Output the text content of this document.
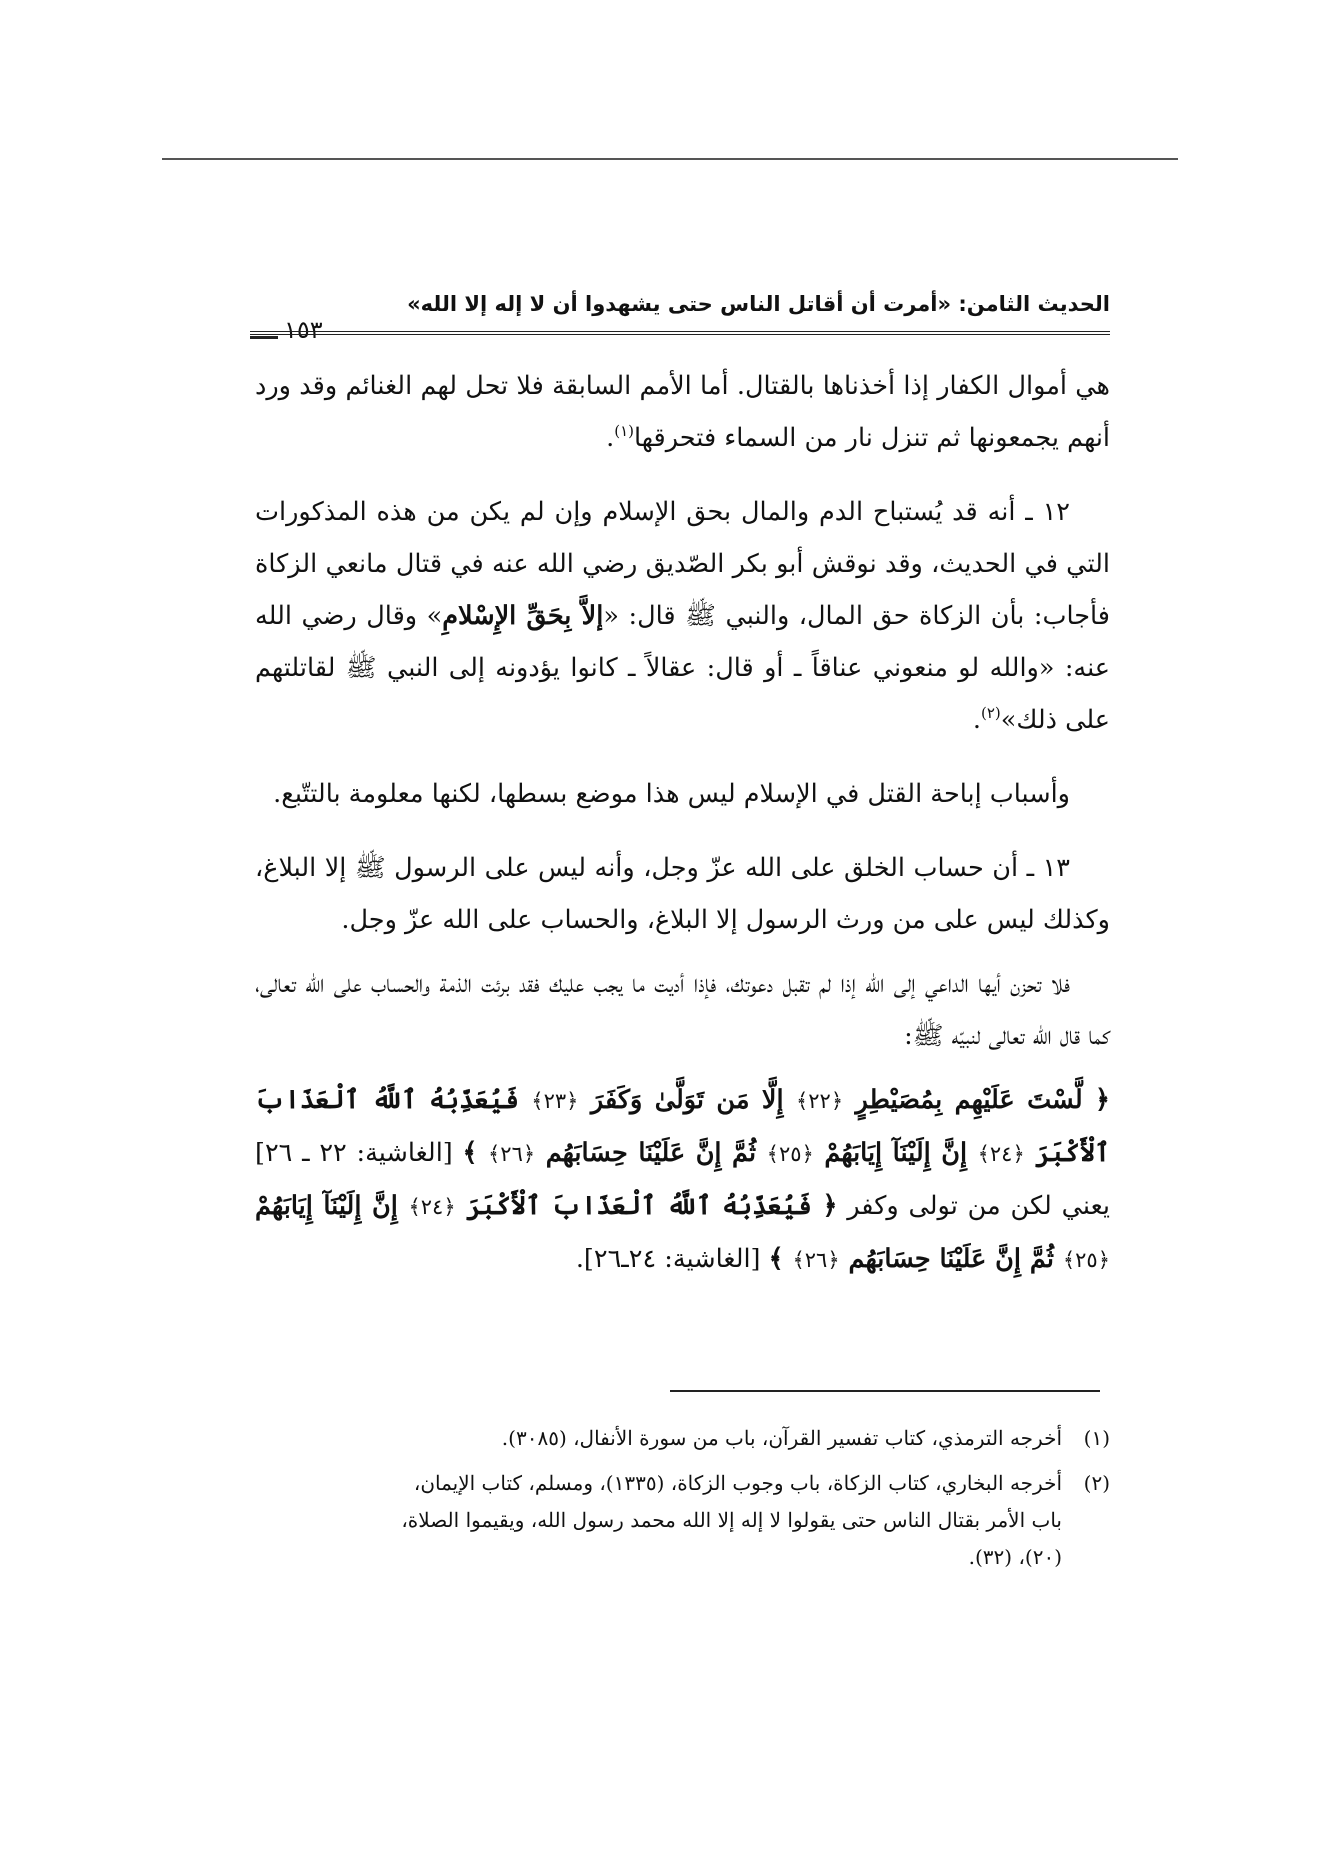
الحديث الثامن: «أمرت أن أقاتل الناس حتى يشهدوا أن لا إله إلا الله»
١٥٣

هي أموال الكفار إذا أخذناها بالقتال. أما الأمم السابقة فلا تحل لهم الغنائم وقد ورد أنهم يجمعونها ثم تنزل نار من السماء فتحرقها$^{(١)}$.

١٢ ـ أنه قد يُستباح الدم والمال بحق الإسلام وإن لم يكن من هذه المذكورات التي في الحديث، وقد نوقش أبو بكر الصّديق رضي الله عنه في قتال مانعي الزكاة فأجاب: بأن الزكاة حق المال، والنبي ﷺ قال: «إلاَّ بِحَقِّ الإِسْلامِ» وقال رضي الله عنه: «والله لو منعوني عناقاً ـ أو قال: عقالاً ـ كانوا يؤدونه إلى النبي ﷺ لقاتلتهم على ذلك»$^{(٢)}$.

وأسباب إباحة القتل في الإسلام ليس هذا موضع بسطها، لكنها معلومة بالتتّبع.

١٣ ـ أن حساب الخلق على الله عزّ وجل، وأنه ليس على الرسول ﷺ إلا البلاغ، وكذلك ليس على من ورث الرسول إلا البلاغ، والحساب على الله عزّ وجل.

فلا تحزن أيها الداعي إلى الله إذا لم تقبل دعوتك، فإذا أديت ما يجب عليك فقد برئت الذمة والحساب على الله تعالى، كما قال الله تعالى لنبيّه ﷺ:

﴿ لَّسْتَ عَلَيْهِم بِمُصَيْطِرٍ ﴿٢٢﴾ إِلَّا مَن تَوَلَّىٰ وَكَفَرَ ﴿٢٣﴾ فَيُعَذِّبُهُ ٱللَّهُ ٱلْعَذَابَ ٱلْأَكْبَرَ ﴿٢٤﴾ إِنَّ إِلَيْنَآ إِيَابَهُمْ ﴿٢٥﴾ ثُمَّ إِنَّ عَلَيْنَا حِسَابَهُم ﴿٢٦﴾ ﴾ [الغاشية: ٢٢ ـ ٢٦] يعني لكن من تولى وكفر ﴿ فَيُعَذِّبُهُ ٱللَّهُ ٱلْعَذَابَ ٱلْأَكْبَرَ ﴿٢٤﴾ إِنَّ إِلَيْنَآ إِيَابَهُمْ ﴿٢٥﴾ ثُمَّ إِنَّ عَلَيْنَا حِسَابَهُم ﴿٢٦﴾ ﴾ [الغاشية: ٢٤ـ٢٦].

(١)
أخرجه الترمذي، كتاب تفسير القرآن، باب من سورة الأنفال، (٣٠٨٥).
(٢)
أخرجه البخاري، كتاب الزكاة، باب وجوب الزكاة، (١٣٣٥)، ومسلم، كتاب الإيمان،
باب الأمر بقتال الناس حتى يقولوا لا إله إلا الله محمد رسول الله، ويقيموا الصلاة،
(٢٠)، (٣٢).
